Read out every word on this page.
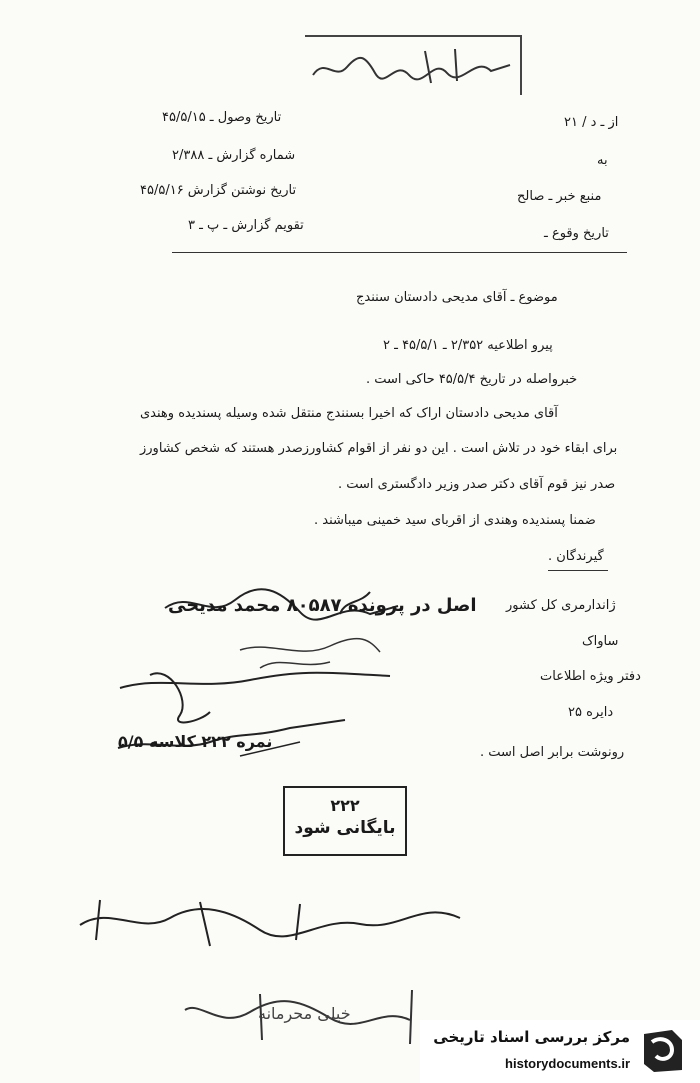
از ـ د / ۲۱
به
منبع خبر ـ صالح
تاریخ وقوع ـ
تاریخ وصول ـ ۴۵/۵/۱۵
شماره گزارش ـ ۲/۳۸۸
تاریخ نوشتن گزارش ۴۵/۵/۱۶
تقویم گزارش ـ پ ـ ۳
موضوع ـ آقای مدیحی دادستان سنندج
پیرو اطلاعیه ۲/۳۵۲ ـ ۴۵/۵/۱ ـ ۲
خبرواصله در تاریخ ۴۵/۵/۴ حاکی است .
آقای مدیحی دادستان اراک که اخیرا بسنندج منتقل شده وسیله پسندیده وهندی
برای ابقاء خود در تلاش است . این دو نفر از اقوام کشاورزصدر هستند که شخص کشاورز
صدر نیز قوم آقای دکتر صدر وزیر دادگستری است .
ضمنا پسندیده وهندی از اقربای سید خمینی میباشند .
گیرندگان .
ژاندارمری کل کشور
ساواک
دفتر ویژه اطلاعات
دایره ۲۵
رونوشت برابر اصل است .
اصل در پرونده ۸۰۵۸۷ محمد مدیحی
نمره ۲۲۲ کلاسه ۵/۵
۲۲۲
بایگانی شود
خیلی محرمانه
مرکز بررسی اسناد تاریخی
historydocuments.ir
